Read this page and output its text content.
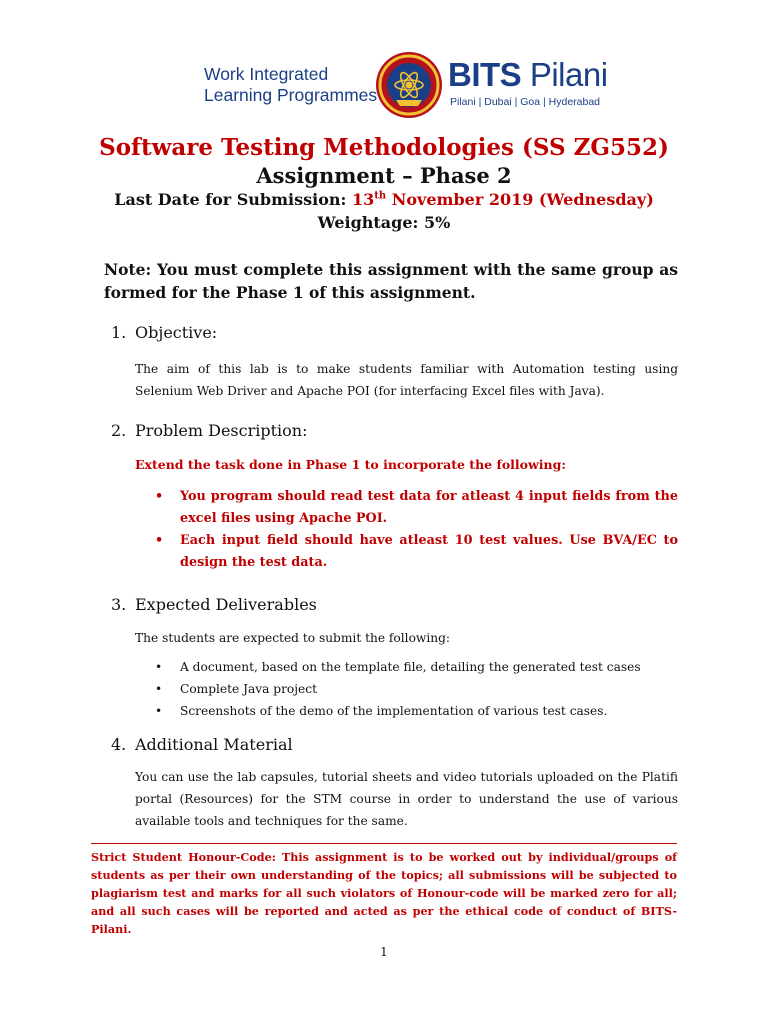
Work Integrated
Learning Programmes
BITS Pilani
Pilani | Dubai | Goa | Hyderabad
Software Testing Methodologies (SS ZG552)
Assignment – Phase 2
Last Date for Submission: 13th November 2019 (Wednesday)
Weightage: 5%
Note: You must complete this assignment with the same group as formed for the Phase 1 of this assignment.
1. Objective:
The aim of this lab is to make students familiar with Automation testing using Selenium Web Driver and Apache POI (for interfacing Excel files with Java).
2. Problem Description:
Extend the task done in Phase 1 to incorporate the following:
• You program should read test data for atleast 4 input fields from the excel files using Apache POI.
• Each input field should have atleast 10 test values. Use BVA/EC to design the test data.
3. Expected Deliverables
The students are expected to submit the following:
• A document, based on the template file, detailing the generated test cases
• Complete Java project
• Screenshots of the demo of the implementation of various test cases.
4. Additional Material
You can use the lab capsules, tutorial sheets and video tutorials uploaded on the Platifi portal (Resources) for the STM course in order to understand the use of various available tools and techniques for the same.
Strict Student Honour-Code: This assignment is to be worked out by individual/groups of students as per their own understanding of the topics; all submissions will be subjected to plagiarism test and marks for all such violators of Honour-code will be marked zero for all; and all such cases will be reported and acted as per the ethical code of conduct of BITS-Pilani.
1
